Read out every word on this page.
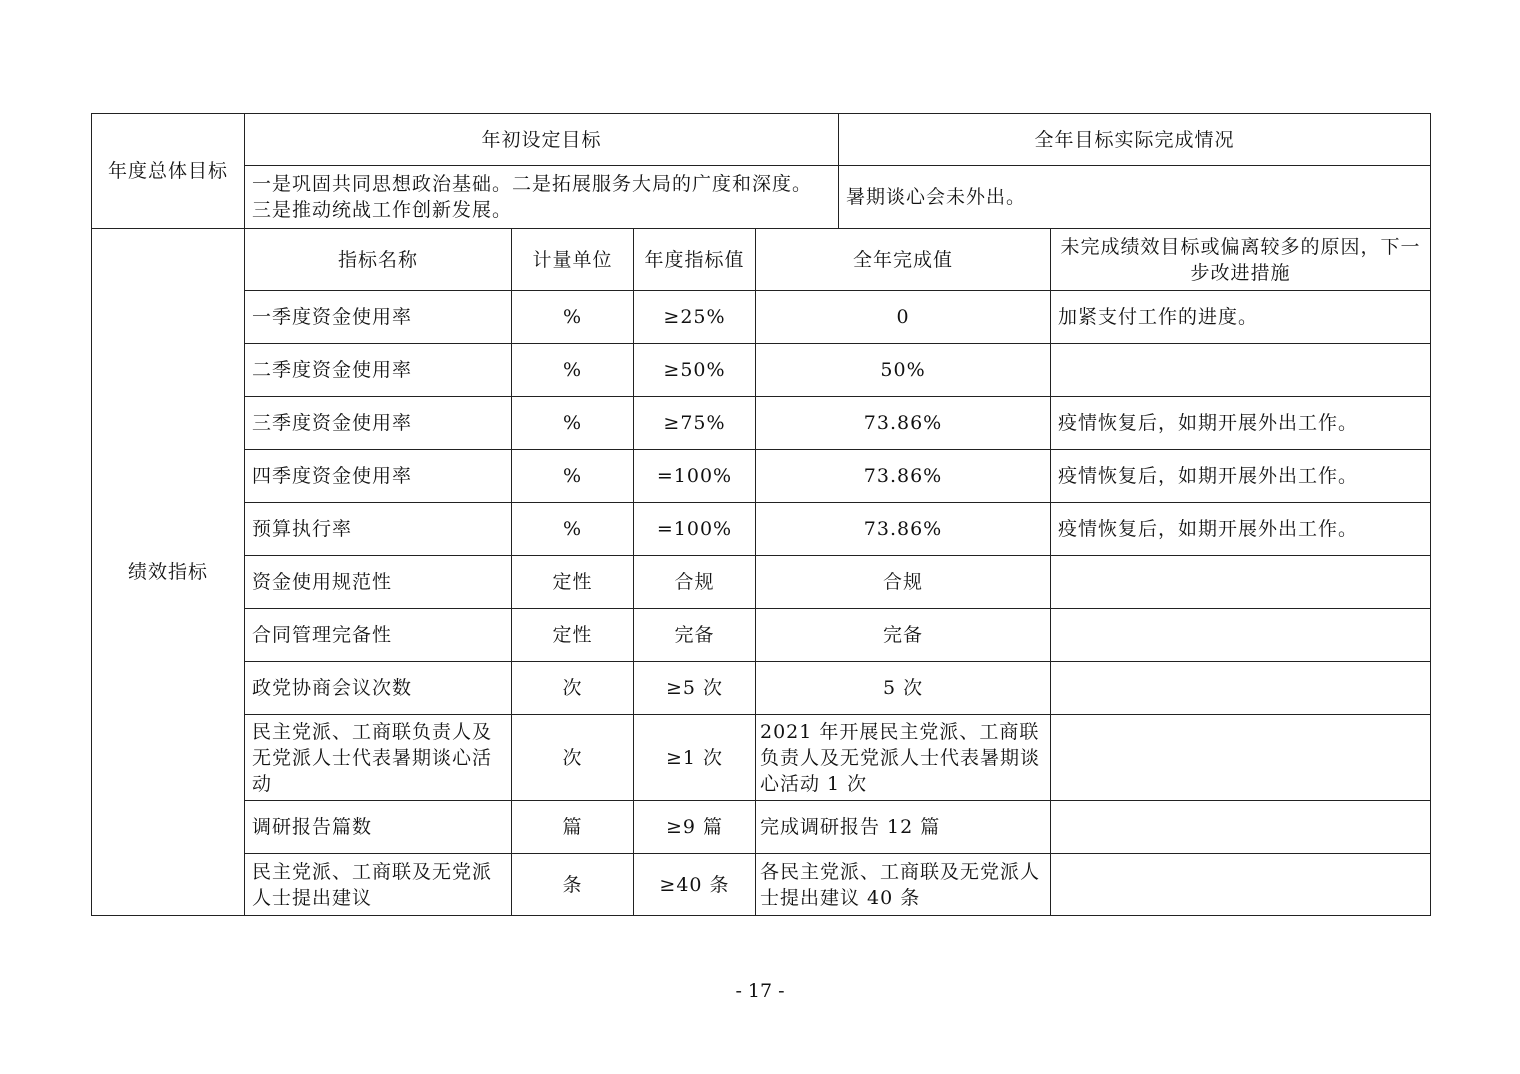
年度总体目标	年初设定目标				全年目标实际完成情况	
	一是巩固共同思想政治基础。二是拓展服务大局的广度和深度。三是推动统战工作创新发展。				暑期谈心会未外出。	
绩效指标	指标名称	计量单位	年度指标值	全年完成值		未完成绩效目标或偏离较多的原因，下一步改进措施
	一季度资金使用率	%	≥25%	0		加紧支付工作的进度。
	二季度资金使用率	%	≥50%	50%		
	三季度资金使用率	%	≥75%	73.86%		疫情恢复后，如期开展外出工作。
	四季度资金使用率	%	=100%	73.86%		疫情恢复后，如期开展外出工作。
	预算执行率	%	=100%	73.86%		疫情恢复后，如期开展外出工作。
	资金使用规范性	定性	合规	合规		
	合同管理完备性	定性	完备	完备		
	政党协商会议次数	次	≥5 次	5 次		
	民主党派、工商联负责人及无党派人士代表暑期谈心活动	次	≥1 次	2021 年开展民主党派、工商联负责人及无党派人士代表暑期谈心活动 1 次		
	调研报告篇数	篇	≥9 篇	完成调研报告 12 篇		
	民主党派、工商联及无党派人士提出建议	条	≥40 条	各民主党派、工商联及无党派人士提出建议 40 条		
- 17 -
